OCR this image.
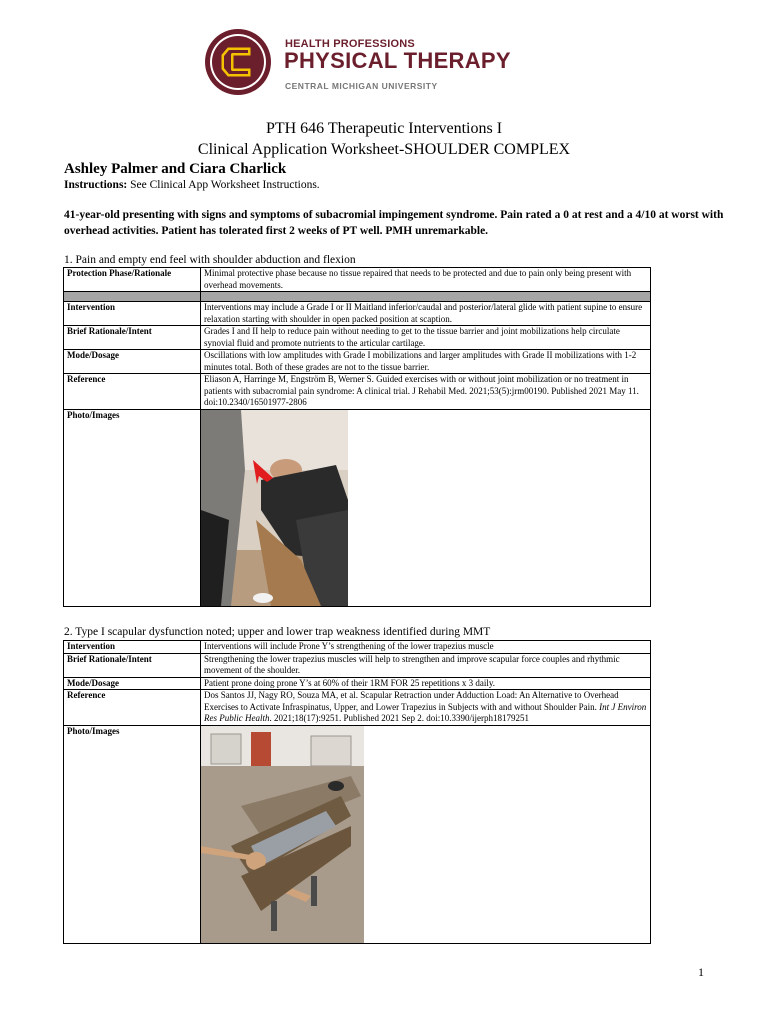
HEALTH PROFESSIONS
PHYSICAL THERAPY
CENTRAL MICHIGAN UNIVERSITY
PTH 646 Therapeutic Interventions I
Clinical Application Worksheet-SHOULDER COMPLEX
Ashley Palmer and Ciara Charlick
Instructions: See Clinical App Worksheet Instructions.
41-year-old presenting with signs and symptoms of subacromial impingement syndrome. Pain rated a 0 at rest and a 4/10 at worst with overhead activities. Patient has tolerated first 2 weeks of PT well. PMH unremarkable.
1. Pain and empty end feel with shoulder abduction and flexion
Protection Phase/Rationale	Minimal protective phase because no tissue repaired that needs to be protected and due to pain only being present with overhead movements.

Intervention	Interventions may include a Grade I or II Maitland inferior/caudal and posterior/lateral glide with patient supine to ensure relaxation starting with shoulder in open packed position at scaption.
Brief Rationale/Intent	Grades I and II help to reduce pain without needing to get to the tissue barrier and joint mobilizations help circulate synovial fluid and promote nutrients to the articular cartilage.
Mode/Dosage	Oscillations with low amplitudes with Grade I mobilizations and larger amplitudes with Grade II mobilizations with 1-2 minutes total. Both of these grades are not to the tissue barrier.
Reference	Eliason A, Harringe M, Engström B, Werner S. Guided exercises with or without joint mobilization or no treatment in patients with subacromial pain syndrome: A clinical trial. J Rehabil Med. 2021;53(5):jrm00190. Published 2021 May 11. doi:10.2340/16501977-2806
Photo/Images	
2. Type I scapular dysfunction noted; upper and lower trap weakness identified during MMT
Intervention	Interventions will include Prone Y’s strengthening of the lower trapezius muscle
Brief Rationale/Intent	Strengthening the lower trapezius muscles will help to strengthen and improve scapular force couples and rhythmic movement of the shoulder.
Mode/Dosage	Patient prone doing prone Y’s at 60% of their 1RM FOR 25 repetitions x 3 daily.
Reference	Dos Santos JJ, Nagy RO, Souza MA, et al. Scapular Retraction under Adduction Load: An Alternative to Overhead Exercises to Activate Infraspinatus, Upper, and Lower Trapezius in Subjects with and without Shoulder Pain. Int J Environ Res Public Health. 2021;18(17):9251. Published 2021 Sep 2. doi:10.3390/ijerph18179251
Photo/Images	
1
